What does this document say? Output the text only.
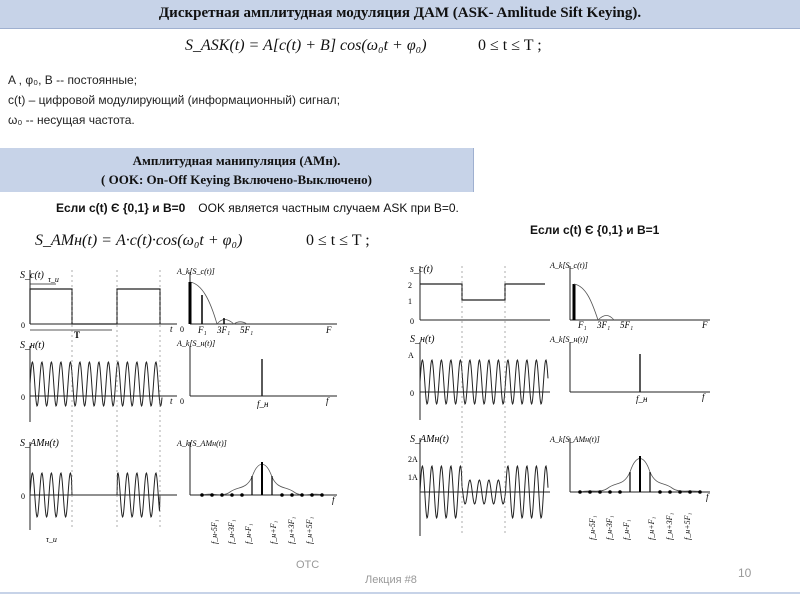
Дискретная амплитудная модуляция ДАМ (ASK- Amlitude Sift Keying).
S_ASK(t) = A[c(t) + B] cos(ω₀t + φ₀)	0 ≤ t ≤ T ;
A , φ₀, B -- постоянные;
c(t) – цифровой модулирующий (информационный) сигнал;
ω₀ -- несущая частота.
Амплитудная манипуляция (АМн).
( OOK: On-Off Keying Включено-Выключено)
Если c(t) Є {0,1} и B=0 OOK является частным случаем ASK при B=0.
Если c(t) Є {0,1} и B=1
S_AMн(t) = A·c(t)·cos(ω₀t + φ₀)	0 ≤ t ≤ T ;
S_c(t) τ_и
0	t
T
A_k[S_c(t)]
0 F₁ 3F₁ 5F₁	F
S_н(t)
0	t
A_k[S_н(t)]
0	f_н	f
S_AMн(t)
0
τ_и
A_k[S_AMн(t)]
f
f_н-5F₁ f_н-3F₁ f_н-F₁ f_н+F₁ f_н+3F₁ f_н+5F₁
s_c(t)
2
1
0
A_k[S_c(t)]
F₁ 3F₁ 5F₁	F
S_н(t)
A
0
A_k[S_н(t)]
f_н	f
S_AMн(t)
2A
1A
A_k[S_AMн(t)]
f
f_н-5F₁ f_н-3F₁ f_н-F₁ f_н+F₁ f_н+3F₁ f_н+5F₁
ОТС
Лекция #8	10
